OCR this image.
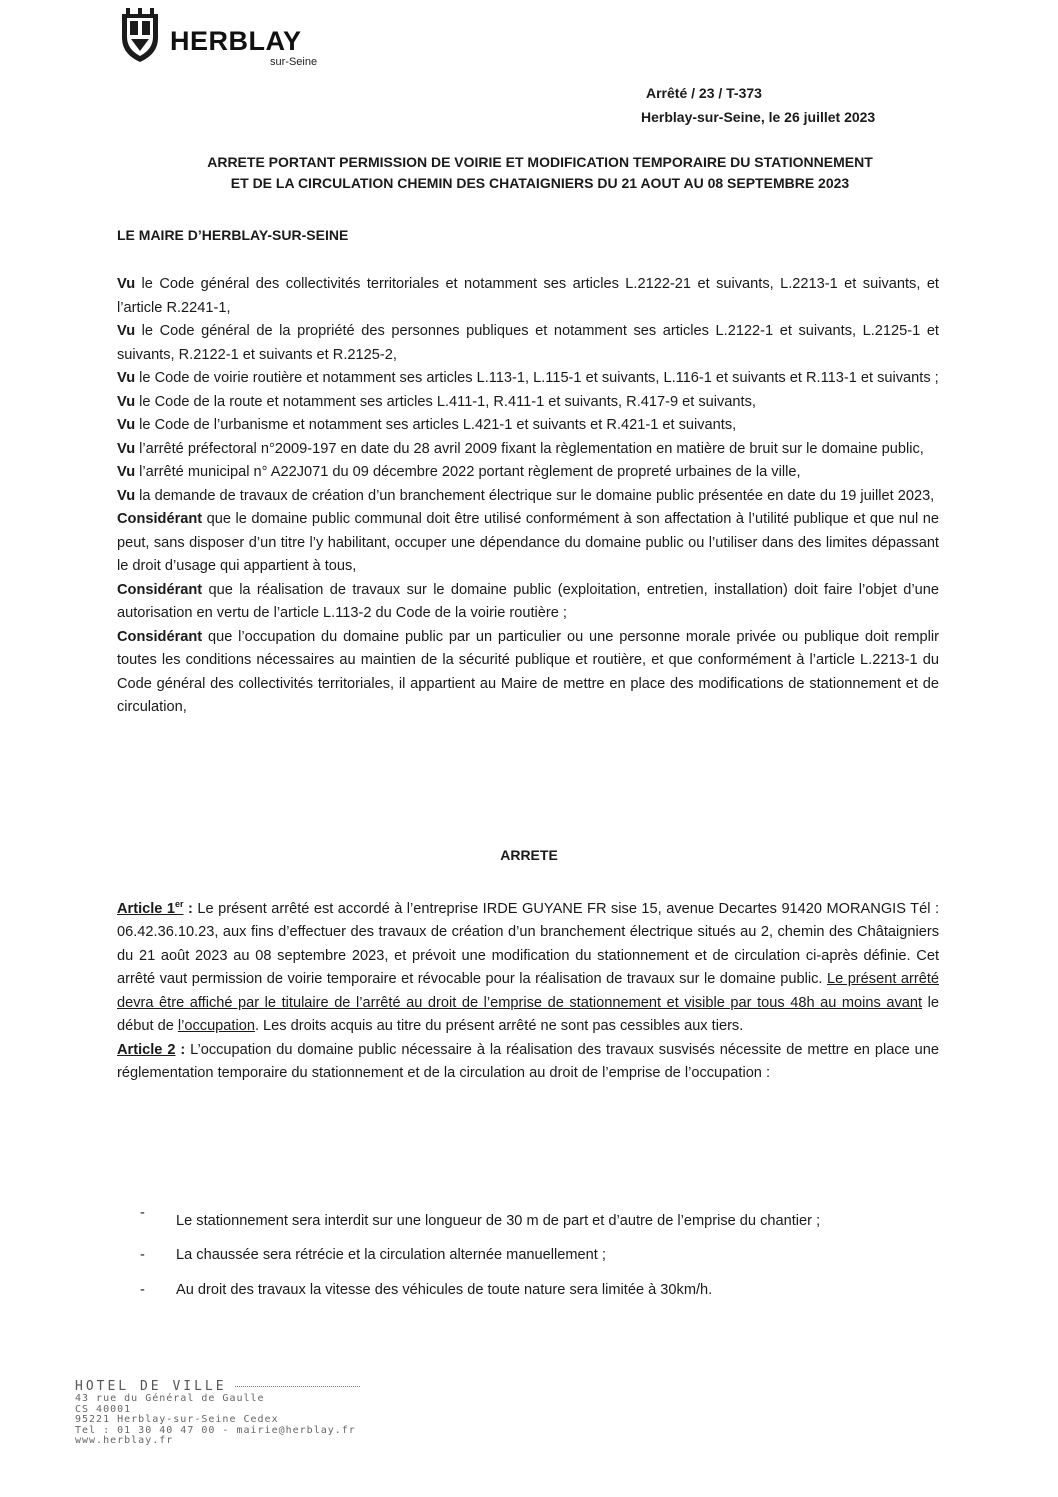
HERBLAY
sur-Seine
Arrêté / 23 / T-373
Herblay-sur-Seine, le 26 juillet 2023
ARRETE PORTANT PERMISSION DE VOIRIE ET MODIFICATION TEMPORAIRE DU STATIONNEMENT
ET DE LA CIRCULATION CHEMIN DES CHATAIGNIERS DU 21 AOUT AU 08 SEPTEMBRE 2023
LE MAIRE D’HERBLAY-SUR-SEINE

Vu le Code général des collectivités territoriales et notamment ses articles L.2122-21 et suivants, L.2213-1 et suivants, et l’article R.2241-1,

Vu le Code général de la propriété des personnes publiques et notamment ses articles L.2122-1 et suivants, L.2125-1 et suivants, R.2122-1 et suivants et R.2125-2,

Vu le Code de voirie routière et notamment ses articles L.113-1, L.115-1 et suivants, L.116-1 et suivants et R.113-1 et suivants ;

Vu le Code de la route et notamment ses articles L.411-1, R.411-1 et suivants, R.417-9 et suivants,

Vu le Code de l’urbanisme et notamment ses articles L.421-1 et suivants et R.421-1 et suivants,

Vu l’arrêté préfectoral n°2009-197 en date du 28 avril 2009 fixant la règlementation en matière de bruit sur le domaine public,

Vu l’arrêté municipal n° A22J071 du 09 décembre 2022 portant règlement de propreté urbaines de la ville,

Vu la demande de travaux de création d’un branchement électrique sur le domaine public présentée en date du 19 juillet 2023,

Considérant que le domaine public communal doit être utilisé conformément à son affectation à l’utilité publique et que nul ne peut, sans disposer d’un titre l’y habilitant, occuper une dépendance du domaine public ou l’utiliser dans des limites dépassant le droit d’usage qui appartient à tous,

Considérant que la réalisation de travaux sur le domaine public (exploitation, entretien, installation) doit faire l’objet d’une autorisation en vertu de l’article L.113-2 du Code de la voirie routière ;

Considérant que l’occupation du domaine public par un particulier ou une personne morale privée ou publique doit remplir toutes les conditions nécessaires au maintien de la sécurité publique et routière, et que conformément à l’article L.2213-1 du Code général des collectivités territoriales, il appartient au Maire de mettre en place des modifications de stationnement et de circulation,

ARRETE

Article 1er : Le présent arrêté est accordé à l’entreprise IRDE GUYANE FR sise 15, avenue Decartes 91420 MORANGIS Tél : 06.42.36.10.23, aux fins d’effectuer des travaux de création d’un branchement électrique situés au 2, chemin des Châtaigniers du 21 août 2023 au 08 septembre 2023, et prévoit une modification du stationnement et de circulation ci-après définie. Cet arrêté vaut permission de voirie temporaire et révocable pour la réalisation de travaux sur le domaine public. Le présent arrêté devra être affiché par le titulaire de l’arrêté au droit de l’emprise de stationnement et visible par tous 48h au moins avant le début de l’occupation. Les droits acquis au titre du présent arrêté ne sont pas cessibles aux tiers.

Article 2 : L’occupation du domaine public nécessaire à la réalisation des travaux susvisés nécessite de mettre en place une réglementation temporaire du stationnement et de la circulation au droit de l’emprise de l’occupation :

-	Le stationnement sera interdit sur une longueur de 30 m de part et d’autre de l’emprise du chantier ;

-	La chaussée sera rétrécie et la circulation alternée manuellement ;

-	Au droit des travaux la vitesse des véhicules de toute nature sera limitée à 30km/h.

HOTEL DE VILLE
43 rue du Général de Gaulle
CS 40001
95221 Herblay-sur-Seine Cedex
Tel : 01 30 40 47 00 - mairie@herblay.fr
www.herblay.fr
